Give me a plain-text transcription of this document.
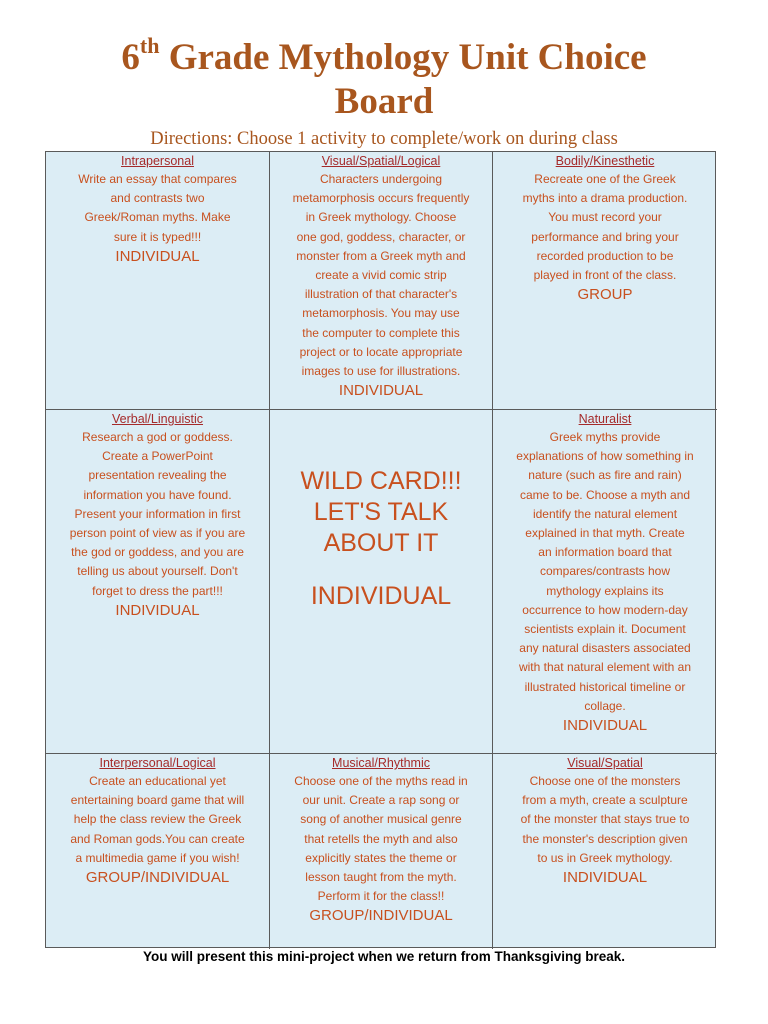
6th Grade Mythology Unit Choice
Board
Directions: Choose 1 activity to complete/work on during class
Intrapersonal
Write an essay that compares
and contrasts two
Greek/Roman myths. Make
sure it is typed!!!
INDIVIDUAL
Visual/Spatial/Logical
Characters undergoing
metamorphosis occurs frequently
in Greek mythology. Choose
one god, goddess, character, or
monster from a Greek myth and
create a vivid comic strip
illustration of that character's
metamorphosis. You may use
the computer to complete this
project or to locate appropriate
images to use for illustrations.
INDIVIDUAL
Bodily/Kinesthetic
Recreate one of the Greek
myths into a drama production.
You must record your
performance and bring your
recorded production to be
played in front of the class.
GROUP
Verbal/Linguistic
Research a god or goddess.
Create a PowerPoint
presentation revealing the
information you have found.
Present your information in first
person point of view as if you are
the god or goddess, and you are
telling us about yourself. Don't
forget to dress the part!!!
INDIVIDUAL
WILD CARD!!!
LET'S TALK
ABOUT IT
INDIVIDUAL
Naturalist
Greek myths provide
explanations of how something in
nature (such as fire and rain)
came to be. Choose a myth and
identify the natural element
explained in that myth. Create
an information board that
compares/contrasts how
mythology explains its
occurrence to how modern-day
scientists explain it. Document
any natural disasters associated
with that natural element with an
illustrated historical timeline or
collage.
INDIVIDUAL
Interpersonal/Logical
Create an educational yet
entertaining board game that will
help the class review the Greek
and Roman gods.You can create
a multimedia game if you wish!
GROUP/INDIVIDUAL
Musical/Rhythmic
Choose one of the myths read in
our unit. Create a rap song or
song of another musical genre
that retells the myth and also
explicitly states the theme or
lesson taught from the myth.
Perform it for the class!!
GROUP/INDIVIDUAL
Visual/Spatial
Choose one of the monsters
from a myth, create a sculpture
of the monster that stays true to
the monster's description given
to us in Greek mythology.
INDIVIDUAL
You will present this mini-project when we return from Thanksgiving break.
